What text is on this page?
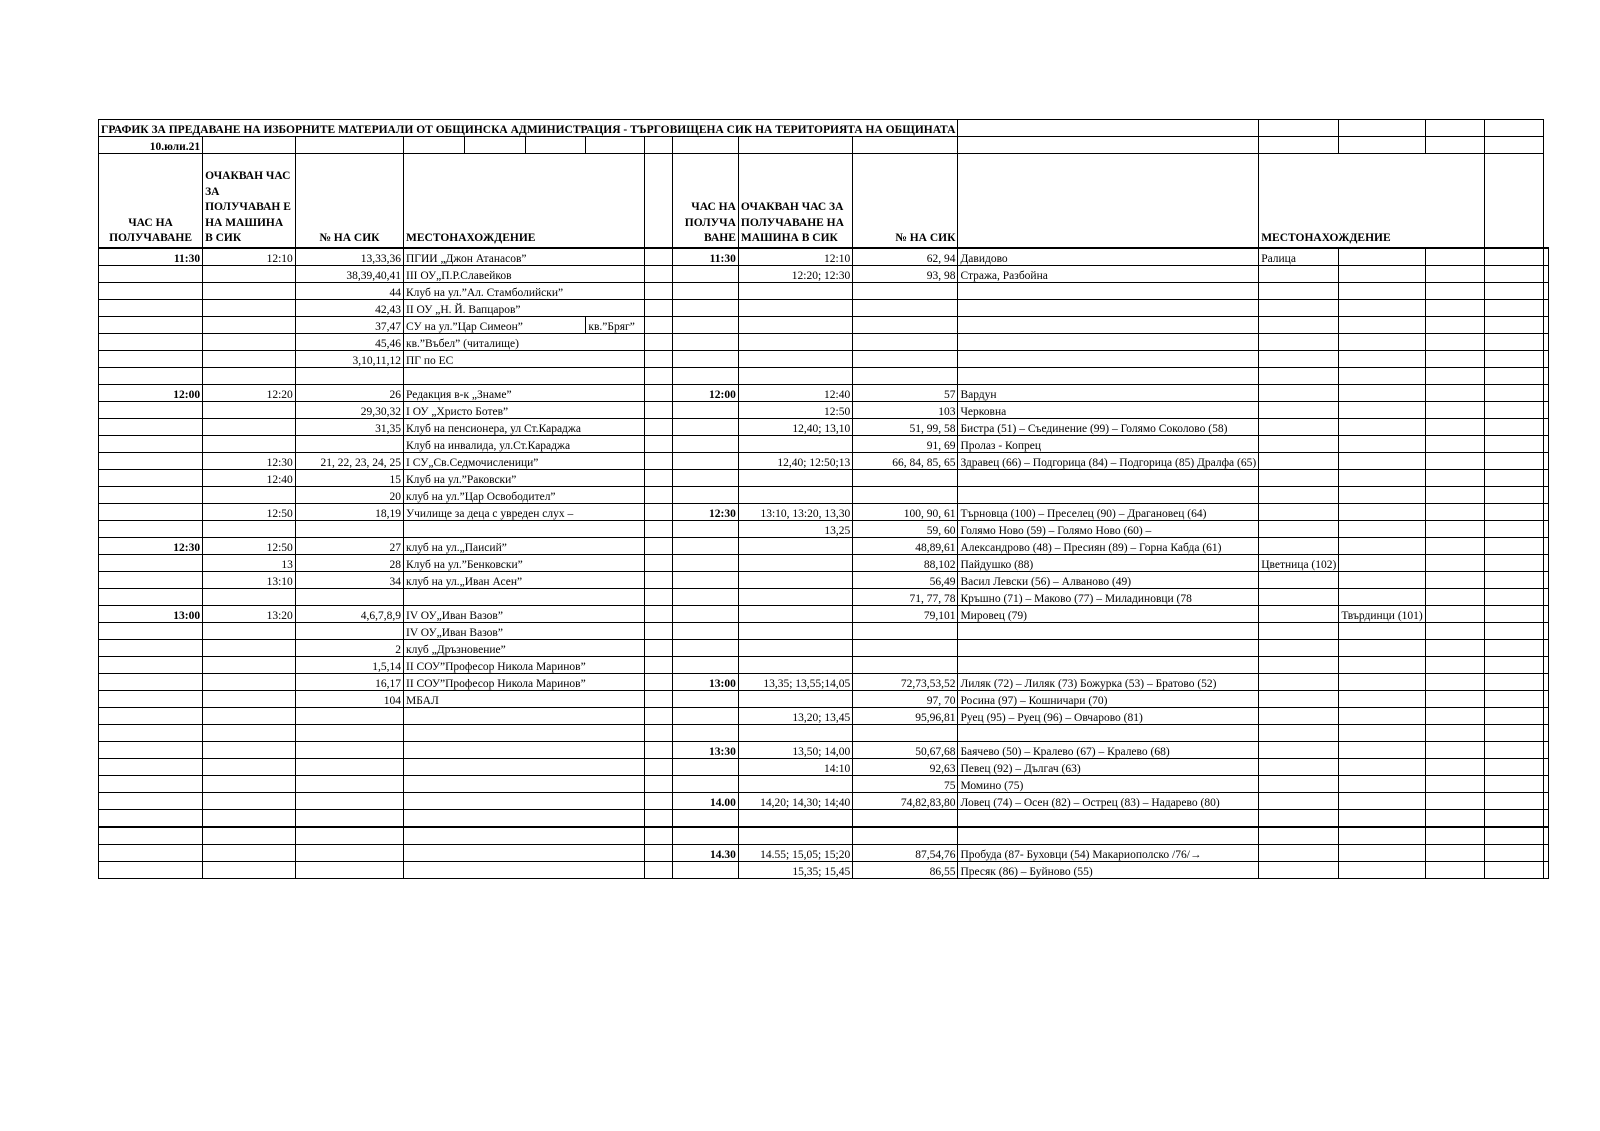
ГРАФИК ЗА ПРЕДАВАНЕ НА ИЗБОРНИТЕ МАТЕРИАЛИ ОТ ОБЩИНСКА АДМИНИСТРАЦИЯ - ТЪРГОВИЩЕНА СИК НА ТЕРИТОРИЯТА НА ОБЩИНАТА																
10.юли.21																
ЧАС НА ПОЛУЧАВАНЕ	ОЧАКВАН ЧАС ЗА ПОЛУЧАВАН Е НА МАШИНА В СИК	№ НА СИК	МЕСТОНАХОЖДЕНИЕ					ЧАС НА ПОЛУЧА ВАНЕ	ОЧАКВАН ЧАС ЗА ПОЛУЧАВАНЕ НА МАШИНА В СИК	№ НА СИК		МЕСТОНАХОЖДЕНИЕ				
11:30	12:10	13,33,36	ПГИИ „Джон Атанасов”					11:30	12:10	62, 94	Давидово	Ралица				
		38,39,40,41	III ОУ„П.Р.Славейков						12:20; 12:30	93, 98	Стража, Разбойна					
		44	Клуб на ул.”Ал. Стамболийски”													
		42,43	II ОУ „Н. Й. Вапцаров”													
		37,47	СУ на ул.”Цар Симеон”			кв.”Бряг”										
		45,46	кв.”Въбел” (читалище)													
		3,10,11,12	ПГ по ЕС													

12:00	12:20	26	Редакция в-к „Знаме”					12:00	12:40	57	Вардун					
		29,30,32	I ОУ „Христо Ботев”						12:50	103	Черковна					
		31,35	Клуб на пенсионера, ул Ст.Караджа						12,40; 13,10	51, 99, 58	Бистра (51) – Съединение (99) – Голямо Соколово (58)					
			Клуб на инвалида, ул.Ст.Караджа							91, 69	Пролаз - Копрец					
	12:30	21, 22, 23, 24, 25	I СУ„Св.Седмочисленици”						12,40; 12:50;13	66, 84, 85, 65	Здравец (66) – Подгорица (84) – Подгорица (85) Дралфа (65)					
	12:40	15	Клуб на ул.”Раковски”													
		20	клуб на ул.”Цар Освободител”													
	12:50	18,19	Училище за деца с увреден слух –					12:30	13:10, 13:20, 13,30	100, 90, 61	Търновца (100) – Преселец (90) – Драгановец (64)					
									13,25	59, 60	Голямо Ново (59) – Голямо Ново (60) –					
12:30	12:50	27	клуб на ул.„Паисий”							48,89,61	Александрово (48) – Пресиян (89) – Горна Кабда (61)					
	13	28	Клуб на ул.”Бенковски”							88,102	Пайдушко (88)	Цветница (102)				
	13:10	34	клуб на ул.„Иван Асен”							56,49	Васил Левски (56) – Алваново (49)					
										71, 77, 78	Кръшно (71) – Маково (77) – Миладиновци (78					
13:00	13:20	4,6,7,8,9	IV ОУ„Иван Вазов”							79,101	Мировец (79)		Твърдинци (101)			
			IV ОУ„Иван Вазов”													
		2	клуб „Дръзновение”													
		1,5,14	II СОУ”Професор Никола Маринов”													
		16,17	II СОУ”Професор Никола Маринов”					13:00	13,35; 13,55;14,05	72,73,53,52	Лиляк (72) – Лиляк (73) Божурка (53) – Братово (52)					
		104	МБАЛ							97, 70	Росина (97) – Кошничари (70)					
									13,20; 13,45	95,96,81	Руец (95) – Руец (96) – Овчарово (81)					

								13:30	13,50; 14,00	50,67,68	Баячево (50) – Кралево (67) – Кралево (68)					
									14:10	92,63	Певец (92) – Дългач (63)					
										75	Момино (75)					
								14.00	14,20; 14,30; 14;40	74,82,83,80	Ловец (74) – Осен (82) – Острец (83) – Надарево (80)					

								14.30	14.55; 15,05; 15;20	87,54,76	Пробуда (87- Буховци (54) Макариополско /76/→					
									15,35; 15,45	86,55	Пресяк (86) – Буйново (55)					
